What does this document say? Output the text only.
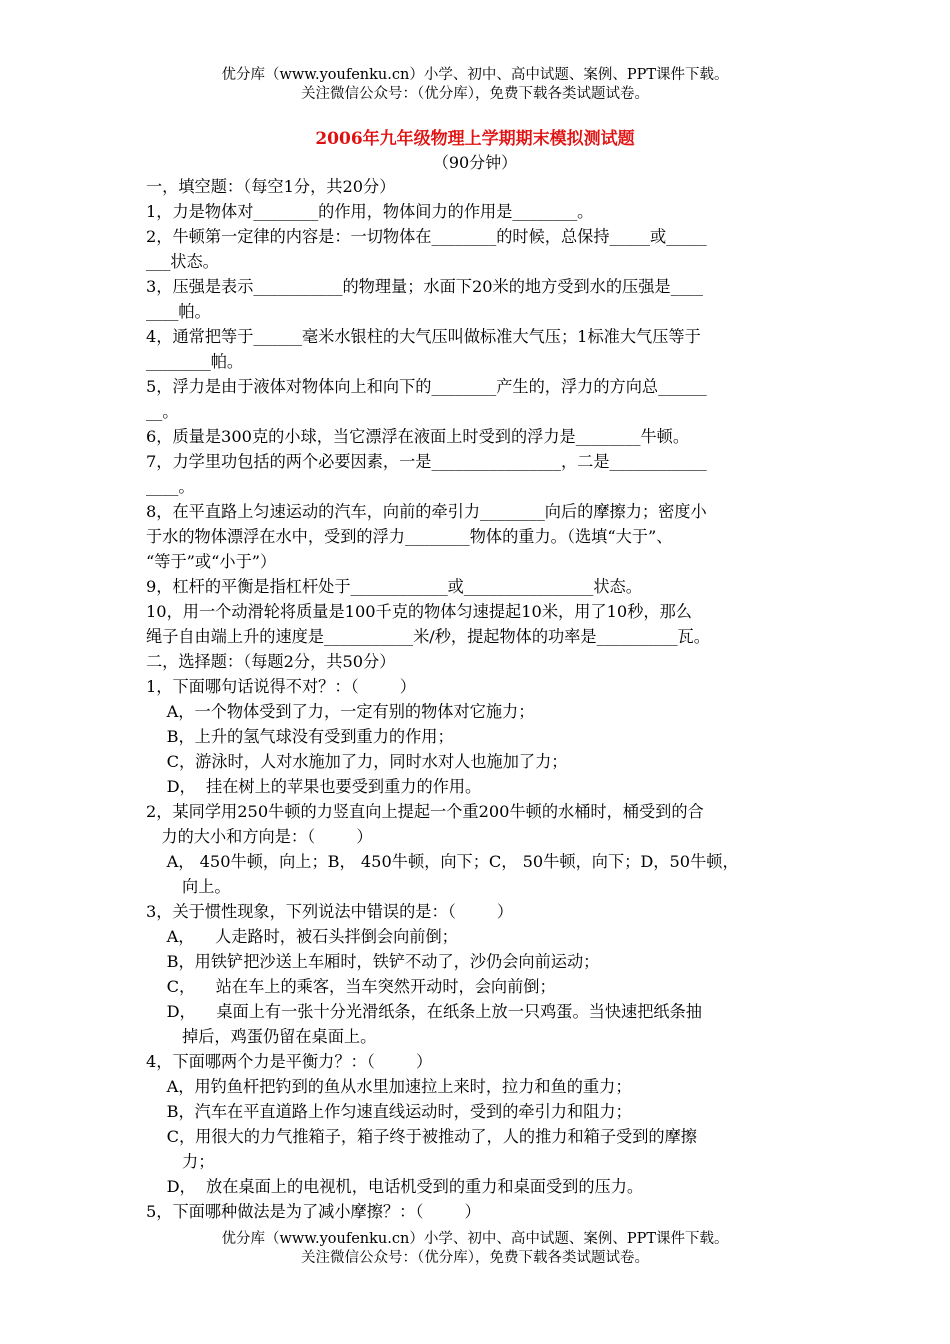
优分库（www.youfenku.cn）小学、初中、高中试题、案例、PPT课件下载。
关注微信公众号：（优分库），免费下载各类试题试卷。
2006年九年级物理上学期期末模拟测试题
（90分钟）
一，填空题：（每空1分，共20分）
1，力是物体对________的作用，物体间力的作用是________。
2，牛顿第一定律的内容是：一切物体在________的时候，总保持_____或_____
___状态。
3，压强是表示___________的物理量；水面下20米的地方受到水的压强是____
____帕。
4，通常把等于______毫米水银柱的大气压叫做标准大气压；1标准大气压等于
________帕。
5，浮力是由于液体对物体向上和向下的________产生的，浮力的方向总______
__。
6，质量是300克的小球，当它漂浮在液面上时受到的浮力是________牛顿。
7，力学里功包括的两个必要因素，一是________________，二是____________
____。
8，在平直路上匀速运动的汽车，向前的牵引力________向后的摩擦力；密度小
于水的物体漂浮在水中，受到的浮力________物体的重力。（选填“大于”、
“等于”或“小于”）
9，杠杆的平衡是指杠杆处于____________或________________状态。
10，用一个动滑轮将质量是100千克的物体匀速提起10米，用了10秒，那么
绳子自由端上升的速度是___________米/秒，提起物体的功率是__________瓦。
二，选择题：（每题2分，共50分）
1，下面哪句话说得不对？：（        ）
A，一个物体受到了力，一定有别的物体对它施力；
B，上升的氢气球没有受到重力的作用；
C，游泳时，人对水施加了力，同时水对人也施加了力；
D，  挂在树上的苹果也要受到重力的作用。
2，某同学用250牛顿的力竖直向上提起一个重200牛顿的水桶时，桶受到的合
力的大小和方向是：（        ）
A， 450牛顿，向上；B， 450牛顿，向下；C， 50牛顿，向下；D，50牛顿，
向上。
3，关于惯性现象，下列说法中错误的是：（        ）
A，    人走路时，被石头拌倒会向前倒；
B，用铁铲把沙送上车厢时，铁铲不动了，沙仍会向前运动；
C，    站在车上的乘客，当车突然开动时，会向前倒；
D，    桌面上有一张十分光滑纸条，在纸条上放一只鸡蛋。当快速把纸条抽
掉后，鸡蛋仍留在桌面上。
4，下面哪两个力是平衡力？：（        ）
A，用钓鱼杆把钓到的鱼从水里加速拉上来时，拉力和鱼的重力；
B，汽车在平直道路上作匀速直线运动时，受到的牵引力和阻力；
C，用很大的力气推箱子，箱子终于被推动了，人的推力和箱子受到的摩擦
力；
D，  放在桌面上的电视机，电话机受到的重力和桌面受到的压力。
5，下面哪种做法是为了减小摩擦？：（        ）
优分库（www.youfenku.cn）小学、初中、高中试题、案例、PPT课件下载。
关注微信公众号：（优分库），免费下载各类试题试卷。
